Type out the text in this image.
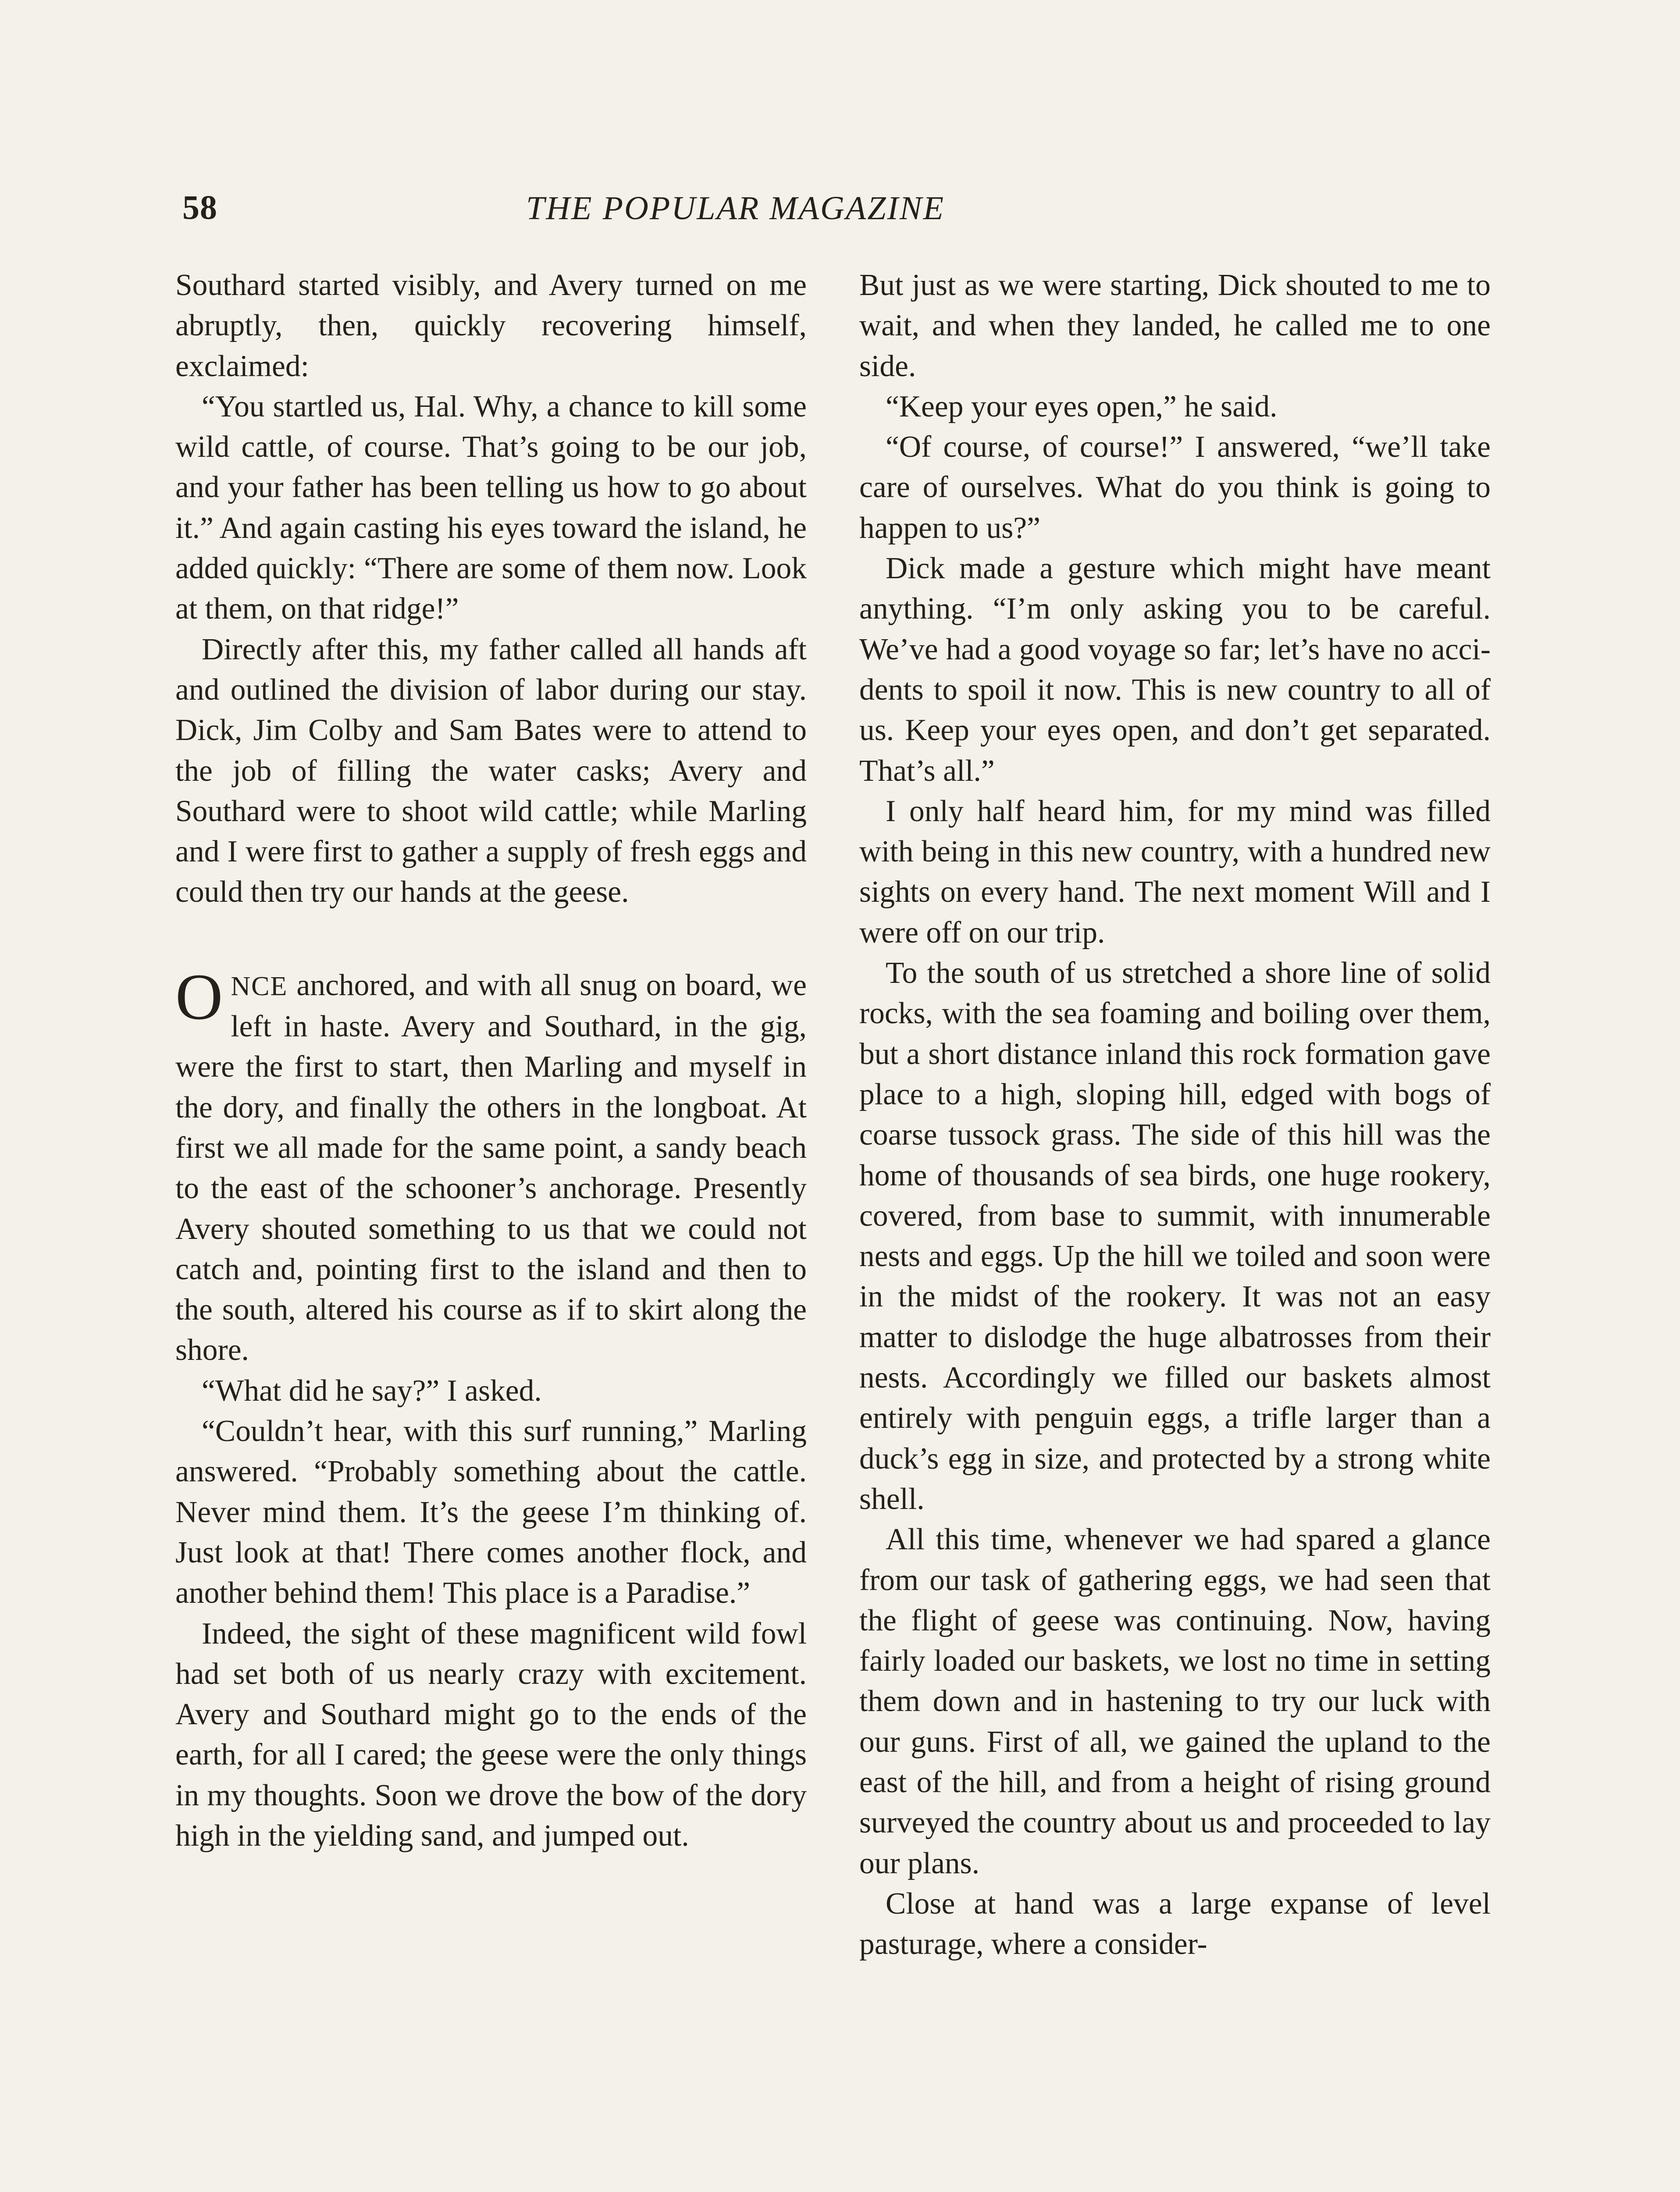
58	THE POPULAR MAGAZINE

Southard started visibly, and Avery turned on me abruptly, then, quickly recovering himself, exclaimed:

“You startled us, Hal. Why, a chance to kill some wild cattle, of course. That’s going to be our job, and your father has been telling us how to go about it.” And again casting his eyes toward the island, he added quickly: “There are some of them now. Look at them, on that ridge!”

Directly after this, my father called all hands aft and outlined the division of labor during our stay. Dick, Jim Colby and Sam Bates were to attend to the job of filling the water casks; Avery and Southard were to shoot wild cattle; while Marling and I were first to gather a supply of fresh eggs and could then try our hands at the geese.

ONCE anchored, and with all snug on board, we left in haste. Avery and Southard, in the gig, were the first to start, then Marling and myself in the dory, and finally the others in the longboat. At first we all made for the same point, a sandy beach to the east of the schooner’s anchorage. Presently Avery shouted something to us that we could not catch and, pointing first to the island and then to the south, altered his course as if to skirt along the shore.

“What did he say?” I asked.

“Couldn’t hear, with this surf running,” Marling answered. “Probably something about the cattle. Never mind them. It’s the geese I’m thinking of. Just look at that! There comes another flock, and another behind them! This place is a Paradise.”

Indeed, the sight of these magnificent wild fowl had set both of us nearly crazy with excitement. Avery and Southard might go to the ends of the earth, for all I cared; the geese were the only things in my thoughts. Soon we drove the bow of the dory high in the yielding sand, and jumped out.

But just as we were starting, Dick shouted to me to wait, and when they landed, he called me to one side.

“Keep your eyes open,” he said.

“Of course, of course!” I answered, “we’ll take care of ourselves. What do you think is going to happen to us?”

Dick made a gesture which might have meant anything. “I’m only asking you to be careful. We’ve had a good voyage so far; let’s have no accidents to spoil it now. This is new country to all of us. Keep your eyes open, and don’t get separated. That’s all.”

I only half heard him, for my mind was filled with being in this new country, with a hundred new sights on every hand. The next moment Will and I were off on our trip.

To the south of us stretched a shore line of solid rocks, with the sea foaming and boiling over them, but a short distance inland this rock formation gave place to a high, sloping hill, edged with bogs of coarse tussock grass. The side of this hill was the home of thousands of sea birds, one huge rookery, covered, from base to summit, with innumerable nests and eggs. Up the hill we toiled and soon were in the midst of the rookery. It was not an easy matter to dislodge the huge albatrosses from their nests. Accordingly we filled our baskets almost entirely with penguin eggs, a trifle larger than a duck’s egg in size, and protected by a strong white shell.

All this time, whenever we had spared a glance from our task of gathering eggs, we had seen that the flight of geese was continuing. Now, having fairly loaded our baskets, we lost no time in setting them down and in hastening to try our luck with our guns. First of all, we gained the upland to the east of the hill, and from a height of rising ground surveyed the country about us and proceeded to lay our plans.

Close at hand was a large expanse of level pasturage, where a consider-
